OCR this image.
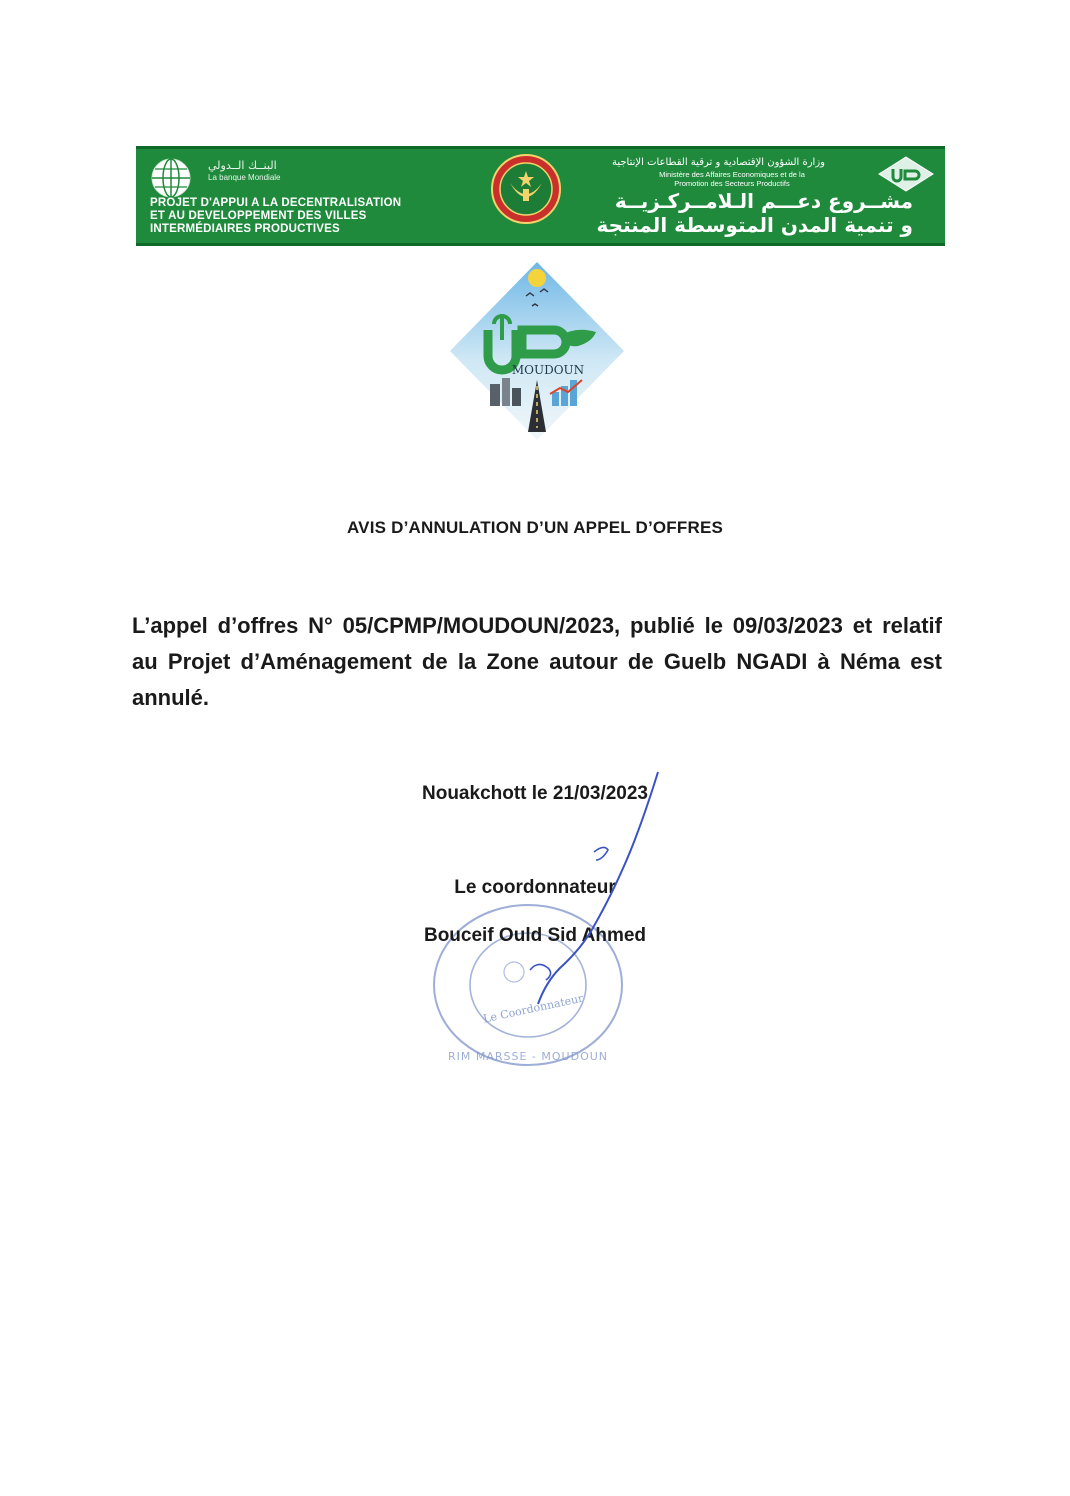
البنــك الــدولي
La banque Mondiale
PROJET D'APPUI A LA DECENTRALISATION
ET AU DEVELOPPEMENT DES VILLES
INTERMÉDIAIRES PRODUCTIVES
وزارة الشؤون الإقتصادية و ترقية القطاعات الإنتاجية
Ministère des Affaires Economiques et de la
Promotion des Secteurs Productifs
مشــروع دعـــم الـلامــركـزيــة
و تنمية المدن المتوسطة المنتجة
MOUDOUN
AVIS D’ANNULATION D’UN APPEL D’OFFRES
L’appel d’offres N° 05/CPMP/MOUDOUN/2023, publié le 09/03/2023 et relatif au Projet d’Aménagement de la Zone autour de Guelb NGADI à Néma est annulé.
Nouakchott le 21/03/2023
Le Coordonnateur
RIM MARSSE - MOUDOUN
Le coordonnateur
Bouceif Ould Sid Ahmed
